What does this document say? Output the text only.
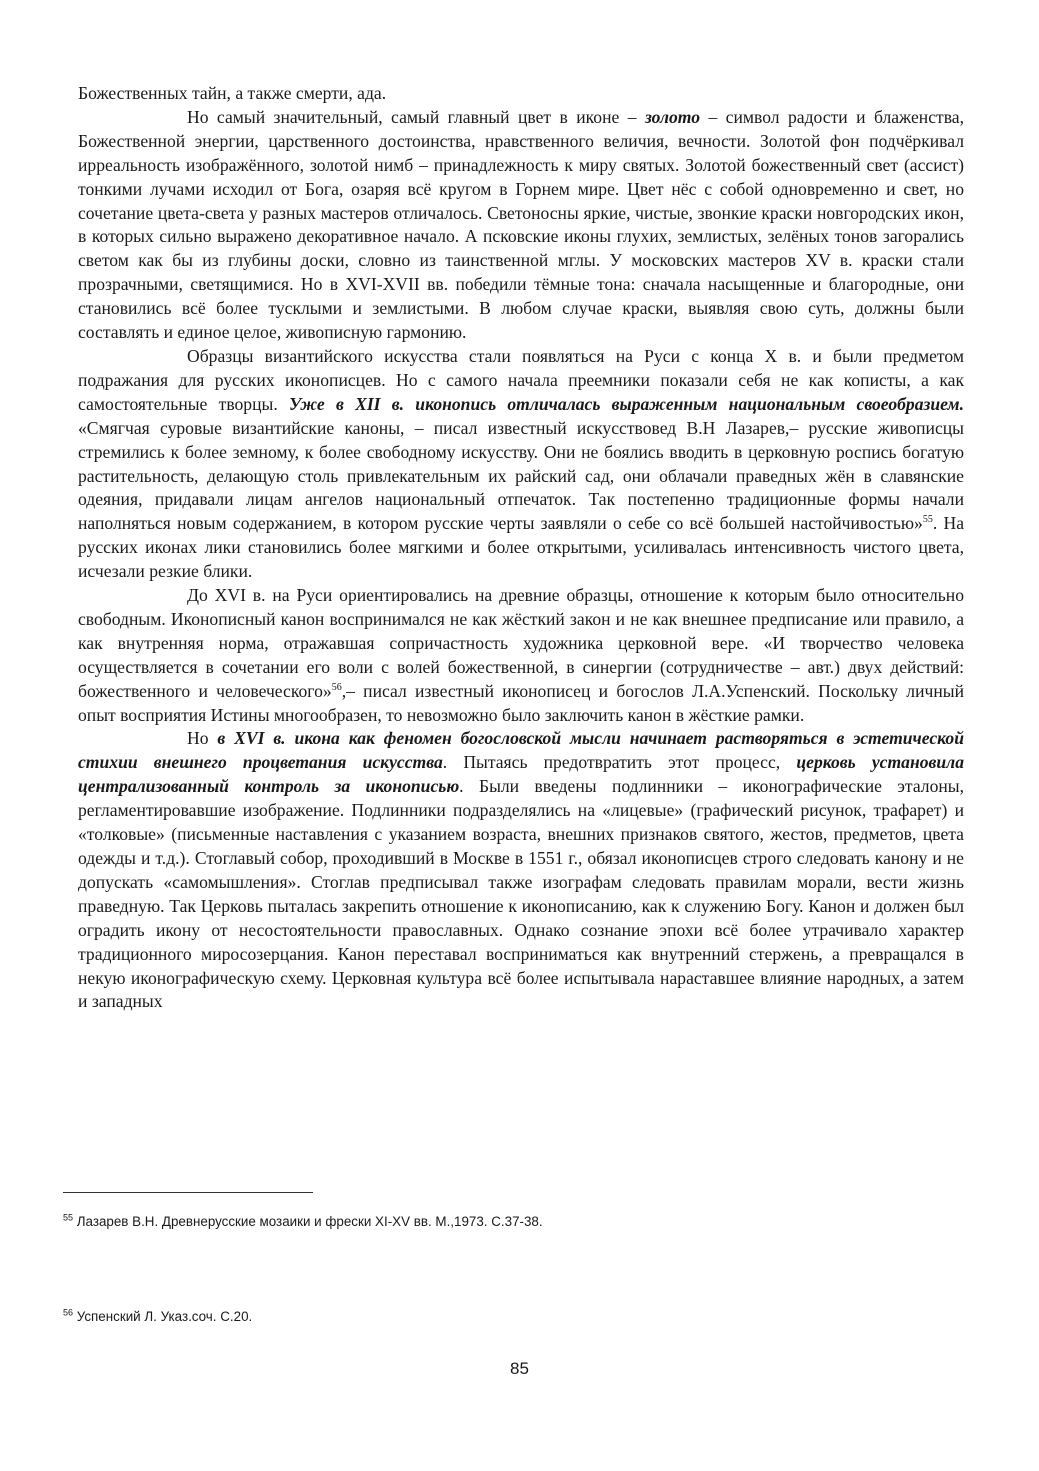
Божественных тайн, а также смерти, ада.

Но самый значительный, самый главный цвет в иконе – золото – символ радости и блаженства, Божественной энергии, царственного достоинства, нравственного величия, вечности. Золотой фон подчёркивал ирреальность изображённого, золотой нимб – принадлежность к миру святых. Золотой божественный свет (ассист) тонкими лучами исходил от Бога, озаряя всё кругом в Горнем мире. Цвет нёс с собой одновременно и свет, но сочетание цвета-света у разных мастеров отличалось. Светоносны яркие, чистые, звонкие краски новгородских икон, в которых сильно выражено декоративное начало. А псковские иконы глухих, землистых, зелёных тонов загорались светом как бы из глубины доски, словно из таинственной мглы. У московских мастеров XV в. краски стали прозрачными, светящимися. Но в XVI-XVII вв. победили тёмные тона: сначала насыщенные и благородные, они становились всё более тусклыми и землистыми. В любом случае краски, выявляя свою суть, должны были составлять и единое целое, живописную гармонию.

Образцы византийского искусства стали появляться на Руси с конца X в. и были предметом подражания для русских иконописцев. Но с самого начала преемники показали себя не как кописты, а как самостоятельные творцы. Уже в XII в. иконопись отличалась выраженным национальным своеобразием. «Смягчая суровые византийские каноны, – писал известный искусствовед В.Н Лазарев,– русские живописцы стремились к более земному, к более свободному искусству. Они не боялись вводить в церковную роспись богатую растительность, делающую столь привлекательным их райский сад, они облачали праведных жён в славянские одеяния, придавали лицам ангелов национальный отпечаток. Так постепенно традиционные формы начали наполняться новым содержанием, в котором русские черты заявляли о себе со всё большей настойчивостью»$^{55}$. На русских иконах лики становились более мягкими и более открытыми, усиливалась интенсивность чистого цвета, исчезали резкие блики.

До XVI в. на Руси ориентировались на древние образцы, отношение к которым было относительно свободным. Иконописный канон воспринимался не как жёсткий закон и не как внешнее предписание или правило, а как внутренняя норма, отражавшая сопричастность художника церковной вере. «И творчество человека осуществляется в сочетании его воли с волей божественной, в синергии (сотрудничестве – авт.) двух действий: божественного и человеческого»$^{56}$,– писал известный иконописец и богослов Л.А.Успенский. Поскольку личный опыт восприятия Истины многообразен, то невозможно было заключить канон в жёсткие рамки.

Но в XVI в. икона как феномен богословской мысли начинает растворяться в эстетической стихии внешнего процветания искусства. Пытаясь предотвратить этот процесс, церковь установила централизованный контроль за иконописью. Были введены подлинники – иконографические эталоны, регламентировавшие изображение. Подлинники подразделялись на «лицевые» (графический рисунок, трафарет) и «толковые» (письменные наставления с указанием возраста, внешних признаков святого, жестов, предметов, цвета одежды и т.д.). Стоглавый собор, проходивший в Москве в 1551 г., обязал иконописцев строго следовать канону и не допускать «самомышления». Стоглав предписывал также изографам следовать правилам морали, вести жизнь праведную. Так Церковь пыталась закрепить отношение к иконописанию, как к служению Богу. Канон и должен был оградить икону от несостоятельности православных. Однако сознание эпохи всё более утрачивало характер традиционного миросозерцания. Канон переставал восприниматься как внутренний стержень, а превращался в некую иконографическую схему. Церковная культура всё более испытывала нараставшее влияние народных, а затем и западных

$^{55}$ Лазарев В.Н. Древнерусские мозаики и фрески XI-XV вв. М.,1973. С.37-38.
$^{56}$ Успенский Л. Указ.соч. С.20.
85
